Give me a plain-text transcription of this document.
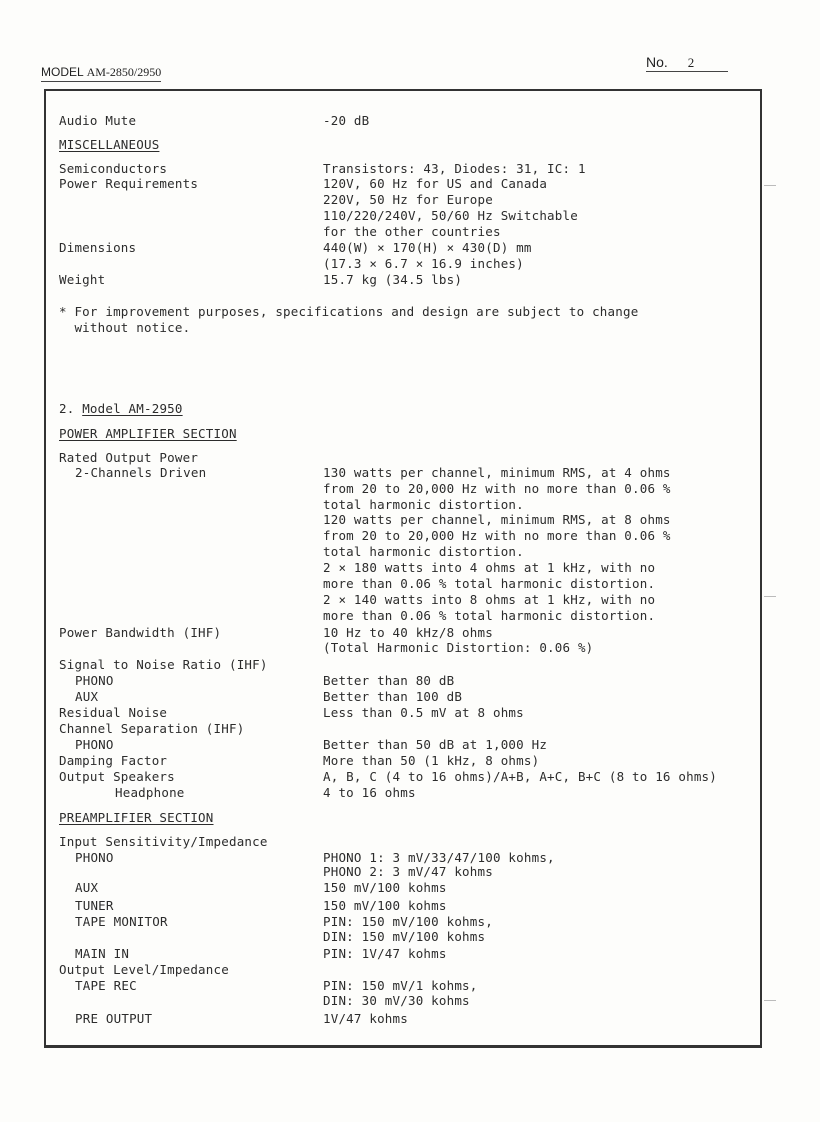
MODEL AM-2850/2950
No. 2
Audio Mute	-20 dB
MISCELLANEOUS
Semiconductors	Transistors: 43, Diodes: 31, IC: 1
Power Requirements	120V, 60 Hz for US and Canada
220V, 50 Hz for Europe
110/220/240V, 50/60 Hz Switchable
for the other countries
Dimensions	440(W) × 170(H) × 430(D) mm
(17.3 × 6.7 × 16.9 inches)
Weight	15.7 kg (34.5 lbs)
* For improvement purposes, specifications and design are subject to change
without notice.
2. Model AM-2950
POWER AMPLIFIER SECTION
Rated Output Power
2-Channels Driven	130 watts per channel, minimum RMS, at 4 ohms
from 20 to 20,000 Hz with no more than 0.06 %
total harmonic distortion.
120 watts per channel, minimum RMS, at 8 ohms
from 20 to 20,000 Hz with no more than 0.06 %
total harmonic distortion.
2 × 180 watts into 4 ohms at 1 kHz, with no
more than 0.06 % total harmonic distortion.
2 × 140 watts into 8 ohms at 1 kHz, with no
more than 0.06 % total harmonic distortion.
Power Bandwidth (IHF)	10 Hz to 40 kHz/8 ohms
(Total Harmonic Distortion: 0.06 %)
Signal to Noise Ratio (IHF)
PHONO	Better than 80 dB
AUX	Better than 100 dB
Residual Noise	Less than 0.5 mV at 8 ohms
Channel Separation (IHF)
PHONO	Better than 50 dB at 1,000 Hz
Damping Factor	More than 50 (1 kHz, 8 ohms)
Output Speakers	A, B, C (4 to 16 ohms)/A+B, A+C, B+C (8 to 16 ohms)
Headphone	4 to 16 ohms
PREAMPLIFIER SECTION
Input Sensitivity/Impedance
PHONO	PHONO 1: 3 mV/33/47/100 kohms,
PHONO 2: 3 mV/47 kohms
AUX	150 mV/100 kohms
TUNER	150 mV/100 kohms
TAPE MONITOR	PIN: 150 mV/100 kohms,
DIN: 150 mV/100 kohms
MAIN IN	PIN: 1V/47 kohms
Output Level/Impedance
TAPE REC	PIN: 150 mV/1 kohms,
DIN: 30 mV/30 kohms
PRE OUTPUT	1V/47 kohms
